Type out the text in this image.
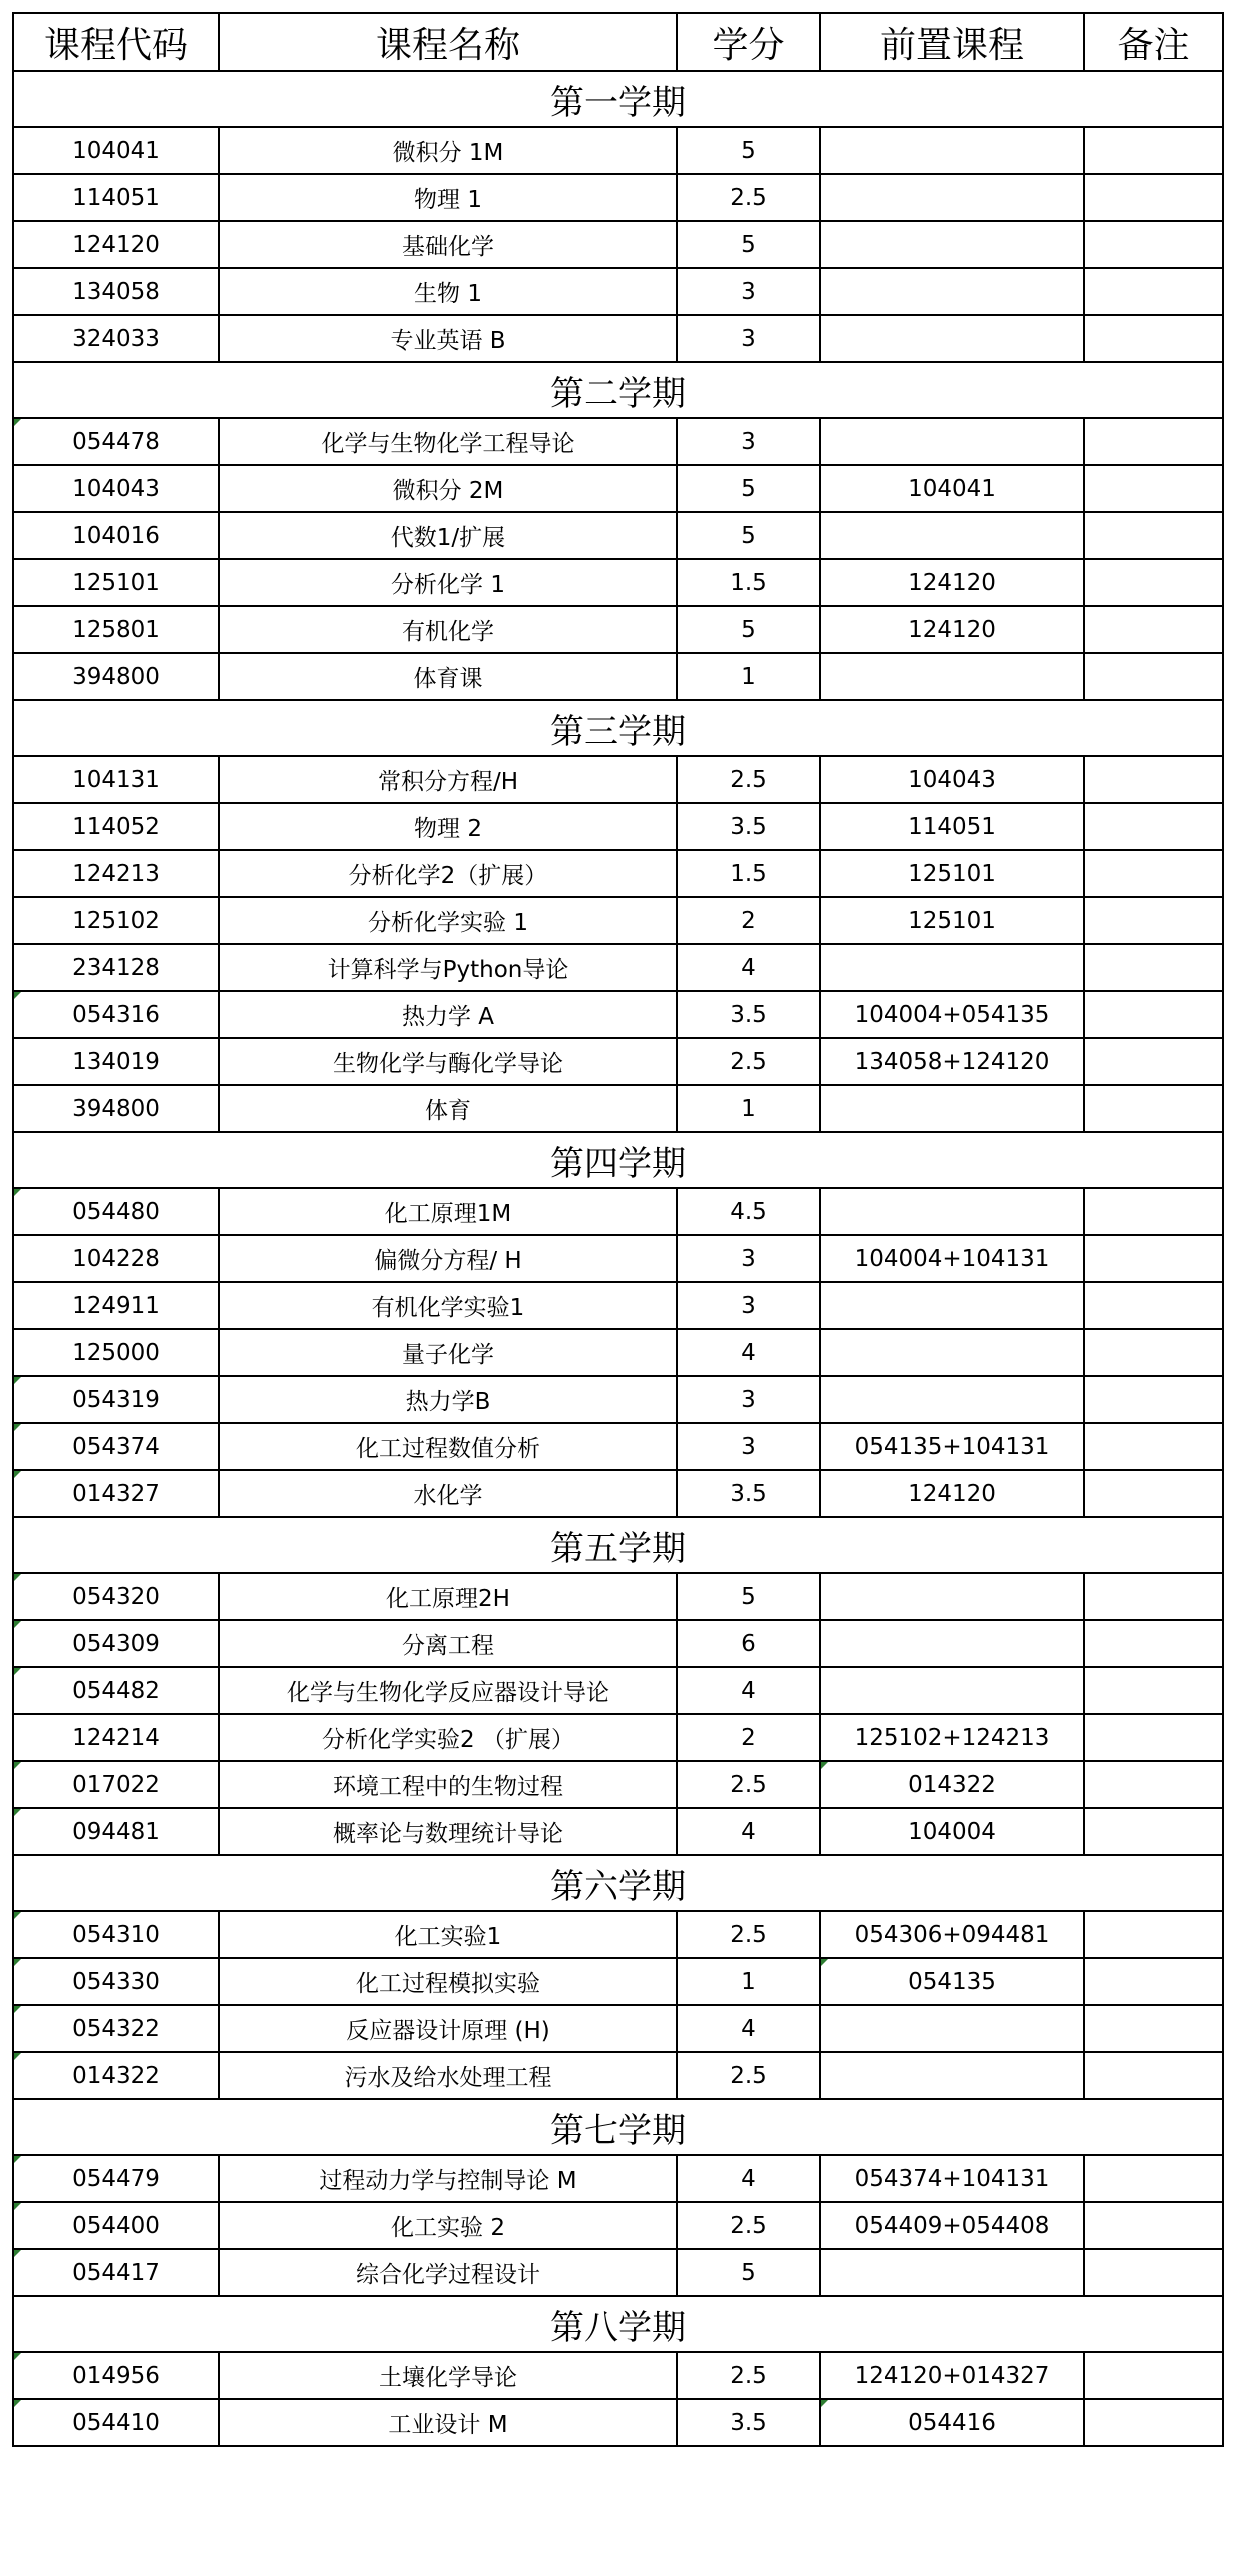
课程代码	课程名称	学分	前置课程	备注
第一学期				
104041	微积分 1M	5		
114051	物理 1	2.5		
124120	基础化学	5		
134058	生物 1	3		
324033	专业英语 B	3		
第二学期				
054478	化学与生物化学工程导论	3		
104043	微积分 2M	5	104041	
104016	代数1/扩展	5		
125101	分析化学 1	1.5	124120	
125801	有机化学	5	124120	
394800	体育课	1		
第三学期				
104131	常积分方程/H	2.5	104043	
114052	物理 2	3.5	114051	
124213	分析化学2（扩展）	1.5	125101	
125102	分析化学实验 1	2	125101	
234128	计算科学与Python导论	4		
054316	热力学 A	3.5	104004+054135	
134019	生物化学与酶化学导论	2.5	134058+124120	
394800	体育	1		
第四学期				
054480	化工原理1M	4.5		
104228	偏微分方程/ H	3	104004+104131	
124911	有机化学实验1	3		
125000	量子化学	4		
054319	热力学B	3		
054374	化工过程数值分析	3	054135+104131	
014327	水化学	3.5	124120	
第五学期				
054320	化工原理2H	5		
054309	分离工程	6		
054482	化学与生物化学反应器设计导论	4		
124214	分析化学实验2 （扩展）	2	125102+124213	
017022	环境工程中的生物过程	2.5	014322	
094481	概率论与数理统计导论	4	104004	
第六学期				
054310	化工实验1	2.5	054306+094481	
054330	化工过程模拟实验	1	054135	
054322	反应器设计原理 (H)	4		
014322	污水及给水处理工程	2.5		
第七学期				
054479	过程动力学与控制导论 M	4	054374+104131	
054400	化工实验 2	2.5	054409+054408	
054417	综合化学过程设计	5		
第八学期				
014956	土壤化学导论	2.5	124120+014327	
054410	工业设计 M	3.5	054416	
